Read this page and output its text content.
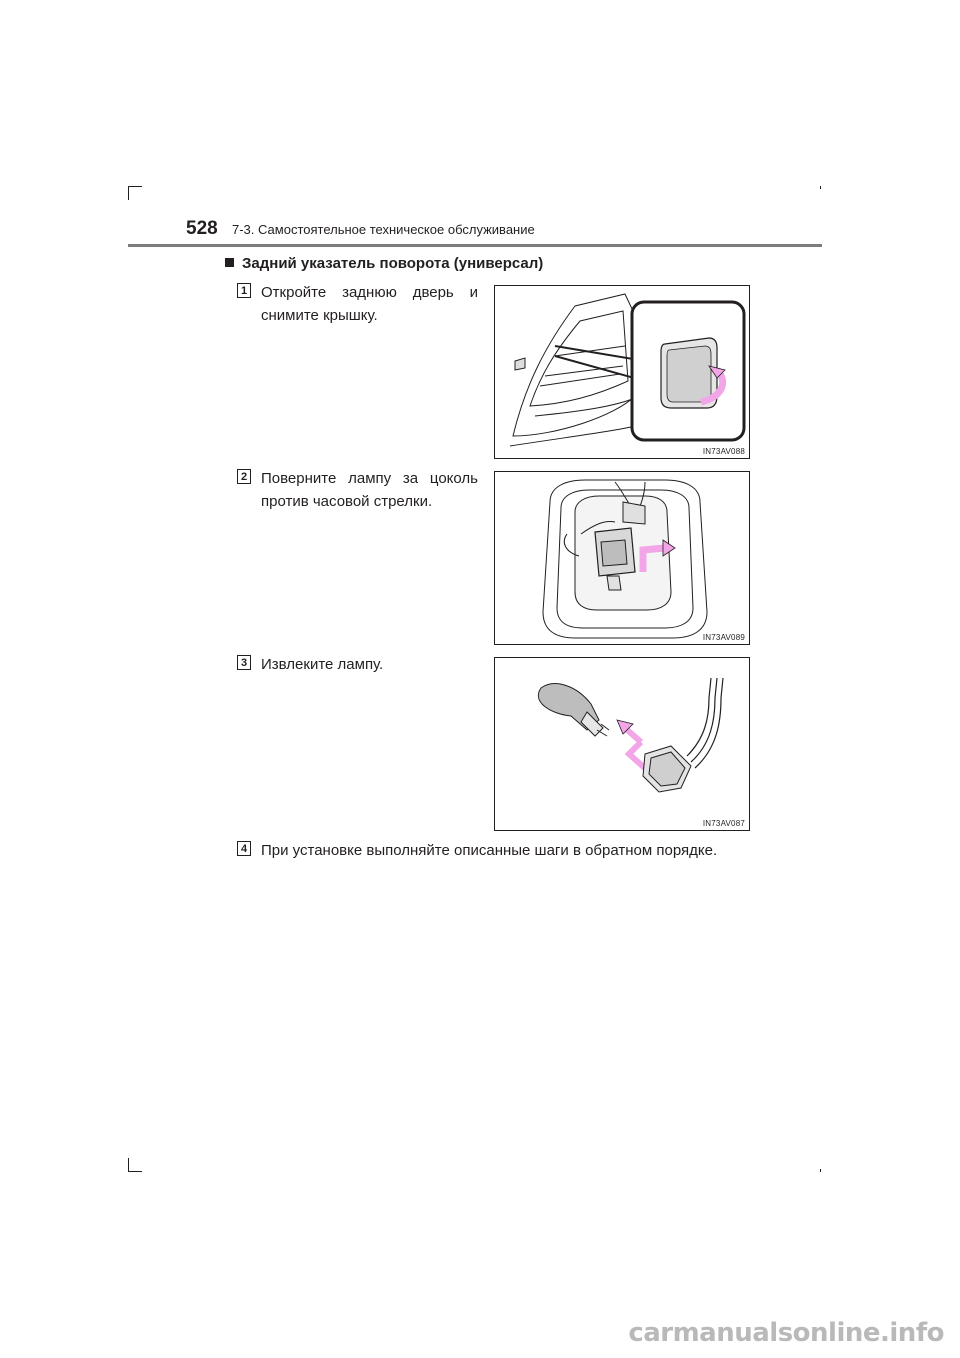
528 7-3. Самостоятельное техническое обслуживание
Задний указатель поворота (универсал)
1 Откройте заднюю дверь и снимите крышку.
IN73AV088
2 Поверните лампу за цоколь против часовой стрелки.
IN73AV089
3 Извлеките лампу.
IN73AV087
4 При установке выполняйте описанные шаги в обратном порядке.
carmanualsonline.info
